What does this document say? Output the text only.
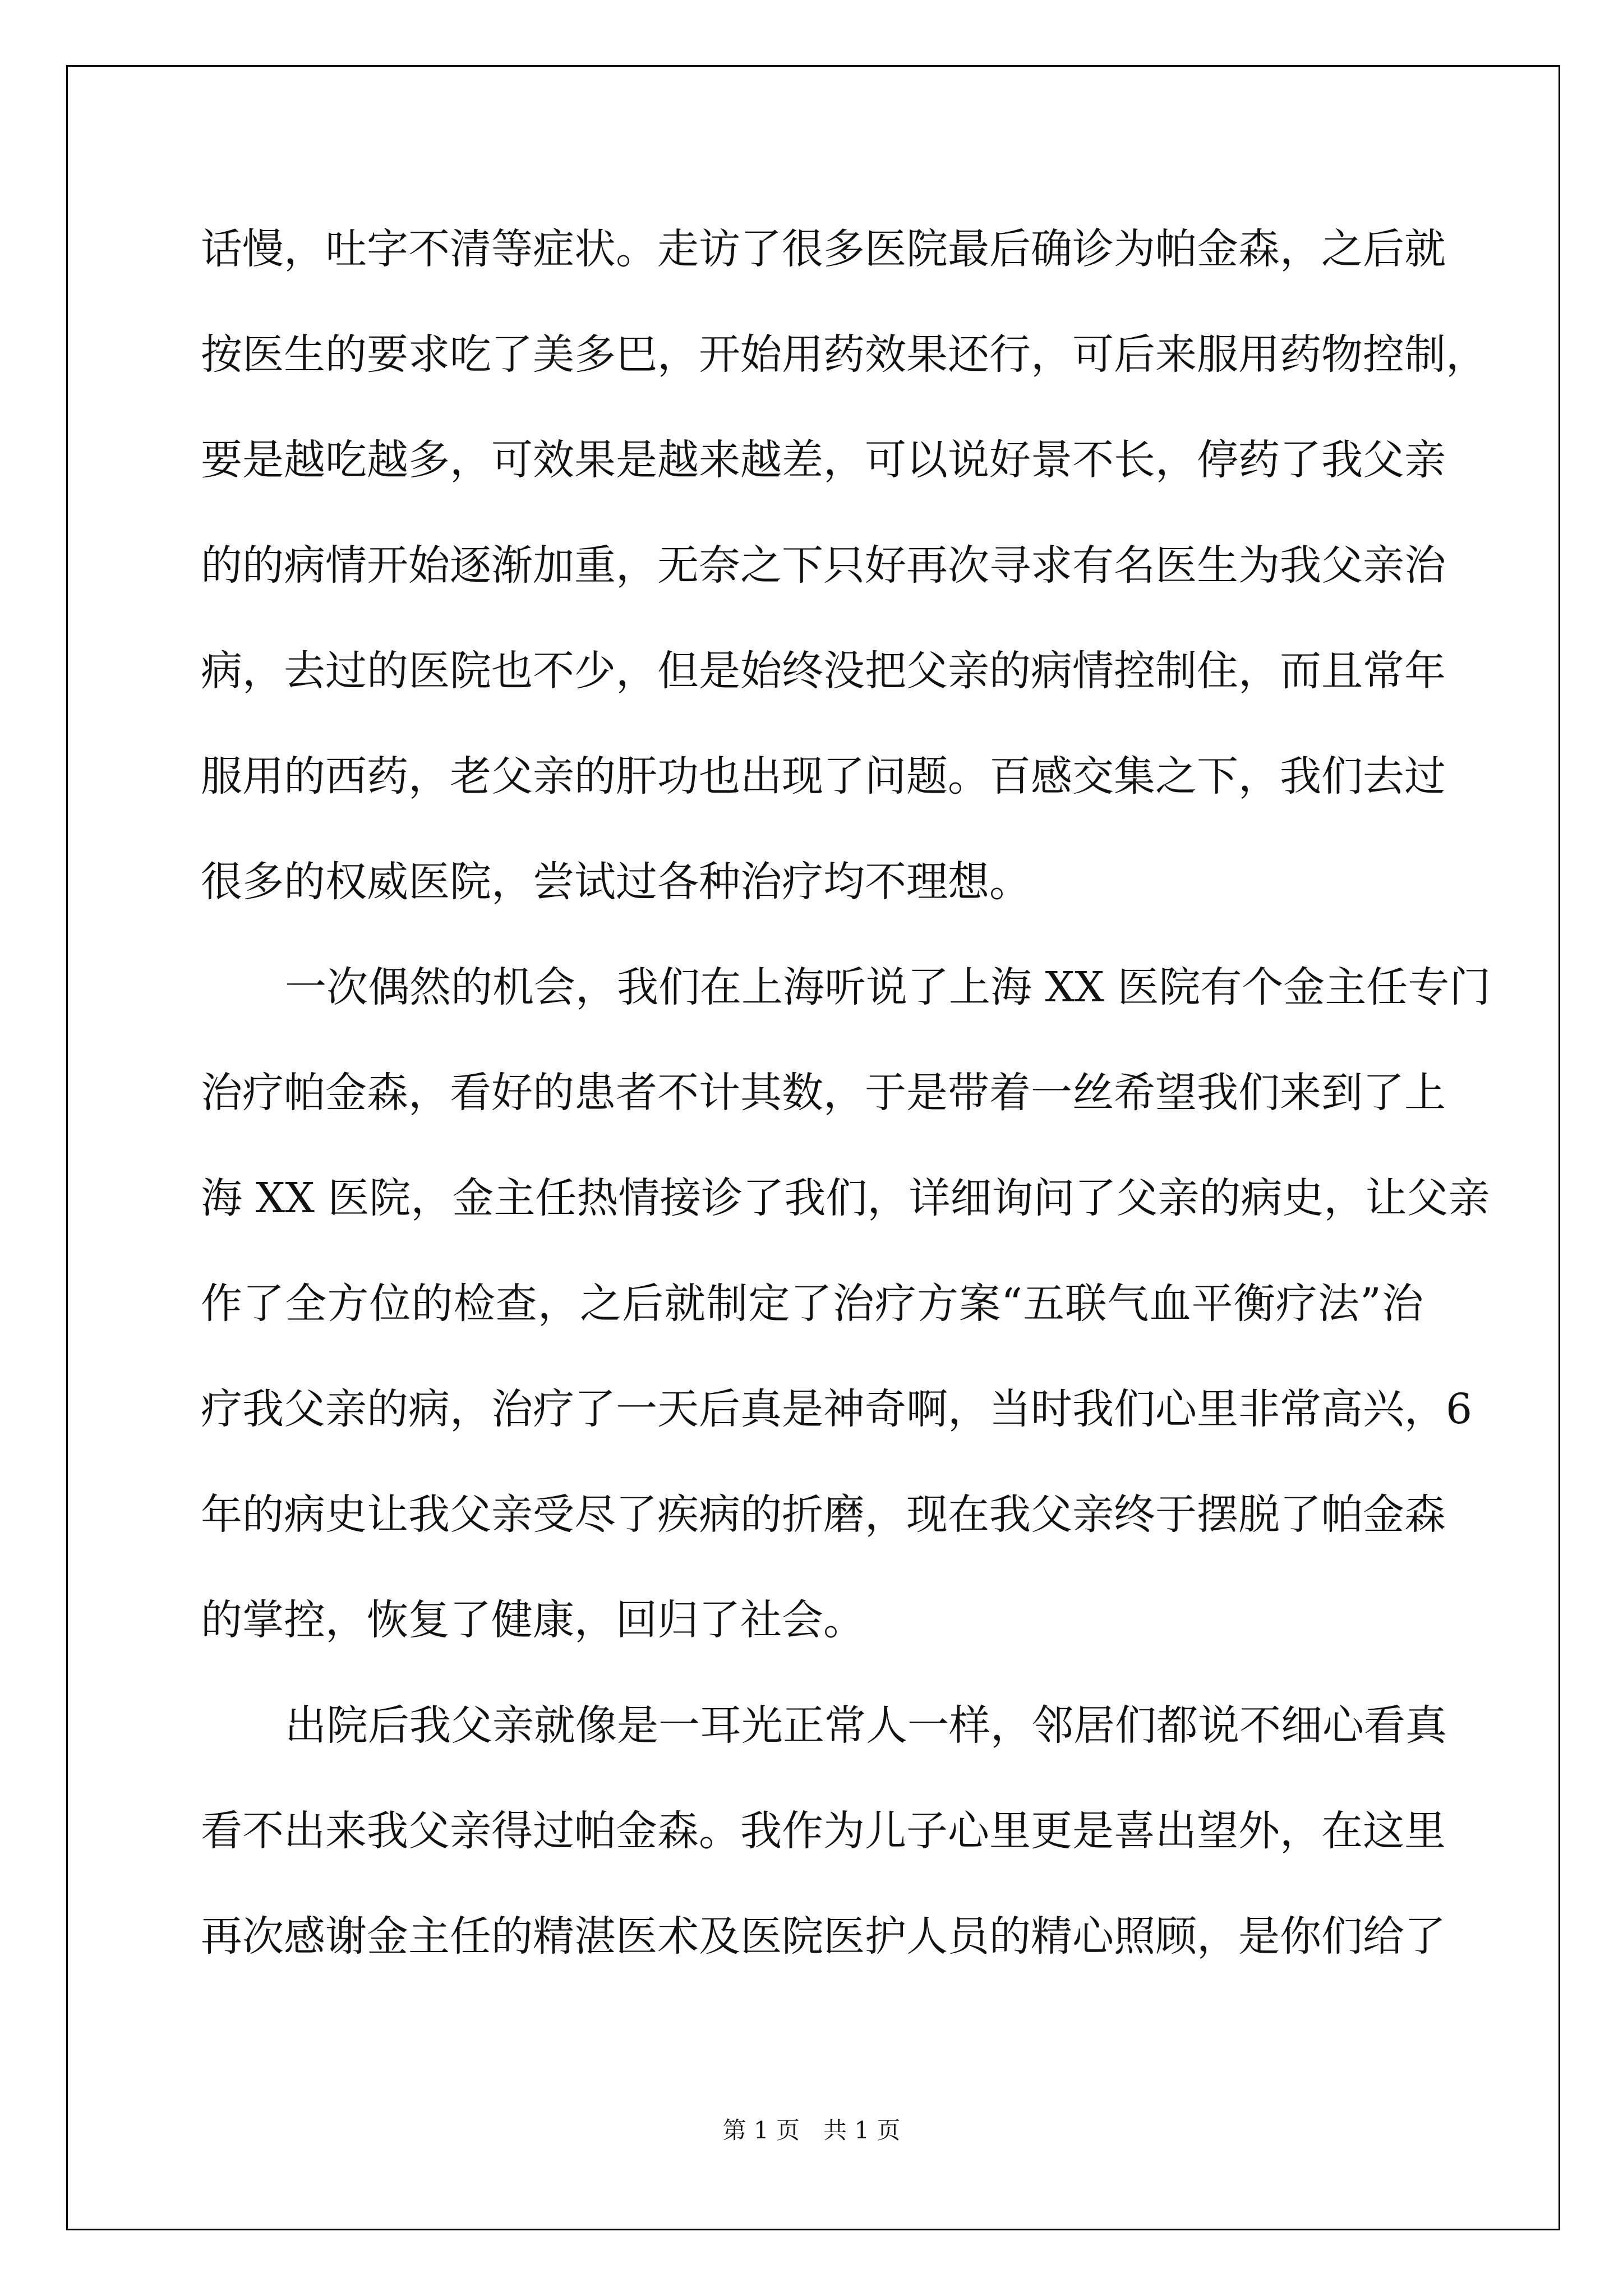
话慢，吐字不清等症状。走访了很多医院最后确诊为帕金森，之后就
按医生的要求吃了美多巴，开始用药效果还行，可后来服用药物控制，
要是越吃越多，可效果是越来越差，可以说好景不长，停药了我父亲
的的病情开始逐渐加重，无奈之下只好再次寻求有名医生为我父亲治
病，去过的医院也不少，但是始终没把父亲的病情控制住，而且常年
服用的西药，老父亲的肝功也出现了问题。百感交集之下，我们去过
很多的权威医院，尝试过各种治疗均不理想。
一次偶然的机会，我们在上海听说了上海 XX 医院有个金主任专门
治疗帕金森，看好的患者不计其数，于是带着一丝希望我们来到了上
海 XX 医院，金主任热情接诊了我们，详细询问了父亲的病史，让父亲
作了全方位的检查，之后就制定了治疗方案“五联气血平衡疗法”治
疗我父亲的病，治疗了一天后真是神奇啊，当时我们心里非常高兴，6
年的病史让我父亲受尽了疾病的折磨，现在我父亲终于摆脱了帕金森
的掌控，恢复了健康，回归了社会。
出院后我父亲就像是一耳光正常人一样，邻居们都说不细心看真
看不出来我父亲得过帕金森。我作为儿子心里更是喜出望外，在这里
再次感谢金主任的精湛医术及医院医护人员的精心照顾，是你们给了
第 1 页　共 1 页
